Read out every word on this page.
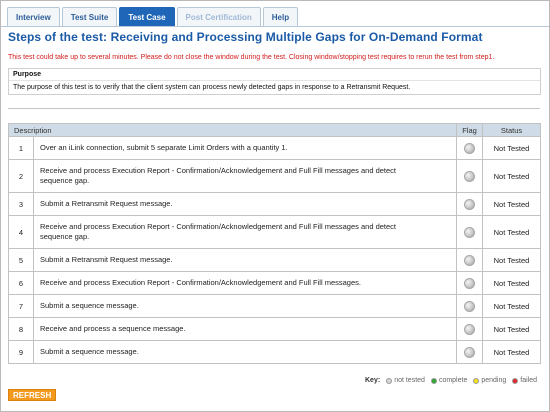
Interview	Test Suite	Test Case	Post Certification	Help
Steps of the test: Receiving and Processing Multiple Gaps for On-Demand Format
This test could take up to several minutes. Please do not close the window during the test. Closing window/stopping test requires to rerun the test from step1.
Purpose
The purpose of this test is to verify that the client system can process newly detected gaps in response to a Retransmit Request.
Description		Flag	Status
1	Over an iLink connection, submit 5 separate Limit Orders with a quantity 1.		Not Tested
2	Receive and process Execution Report - Confirmation/Acknowledgement and Full Fill messages and detect sequence gap.		Not Tested
3	Submit a Retransmit Request message.		Not Tested
4	Receive and process Execution Report - Confirmation/Acknowledgement and Full Fill messages and detect sequence gap.		Not Tested
5	Submit a Retransmit Request message.		Not Tested
6	Receive and process Execution Report - Confirmation/Acknowledgement and Full Fill messages.		Not Tested
7	Submit a sequence message.		Not Tested
8	Receive and process a sequence message.		Not Tested
9	Submit a sequence message.		Not Tested
Key: not tested complete pending failed
REFRESH
